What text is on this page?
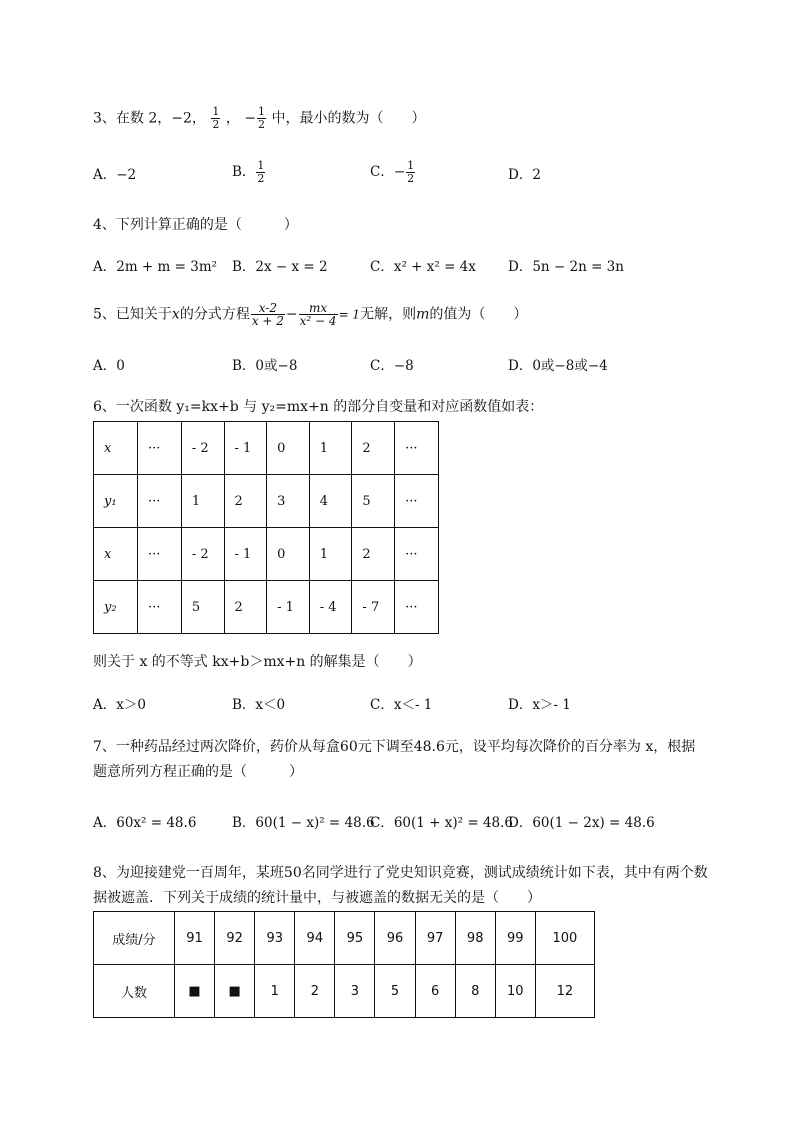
3、在数 2，−2， $\frac{1}{2}$ ， − $\frac{1}{2}$ 中，最小的数为（　　）
A．−2	B． $\frac{1}{2}$	C．− $\frac{1}{2}$	D．2
4、下列计算正确的是（　　　）
A．2m + m = 3m² B．2x − x = 2	C．x² + x² = 4x D．5n − 2n = 3n
5、已知关于x的分式方程 $\frac{x-2}{x + 2} - \frac{mx}{\text{x² − 4}} = 1$无解，则m的值为（　　）
A．0	B．0或−8	C．−8	D．0或−8或−4
6、一次函数 y₁=kx+b 与 y₂=mx+n 的部分自变量和对应函数值如表：
x	···	- 2	- 1	0	1	2	···
y₁	···	1	2	3	4	5	···
x	···	- 2	- 1	0	1	2	···
y₂	···	5	2	- 1	- 4	- 7	···
则关于 x 的不等式 kx+b＞mx+n 的解集是（　　）
A．x＞0	B．x＜0	C．x＜- 1	D．x＞- 1
7、一种药品经过两次降价，药价从每盒60元下调至48.6元，设平均每次降价的百分率为 x，根据
题意所列方程正确的是（　　　）
A．60x² = 48.6	B．60(1 − x)² = 48.6
C．60(1 + x)² = 48.6
D．60(1 − 2x) = 48.6
8、为迎接建党一百周年，某班50名同学进行了党史知识竞赛，测试成绩统计如下表，其中有两个数
据被遮盖．下列关于成绩的统计量中，与被遮盖的数据无关的是（　　）
成绩/分	91	92	93	94	95	96	97	98	99	100
人数	■	■	1	2	3	5	6	8	10	12
